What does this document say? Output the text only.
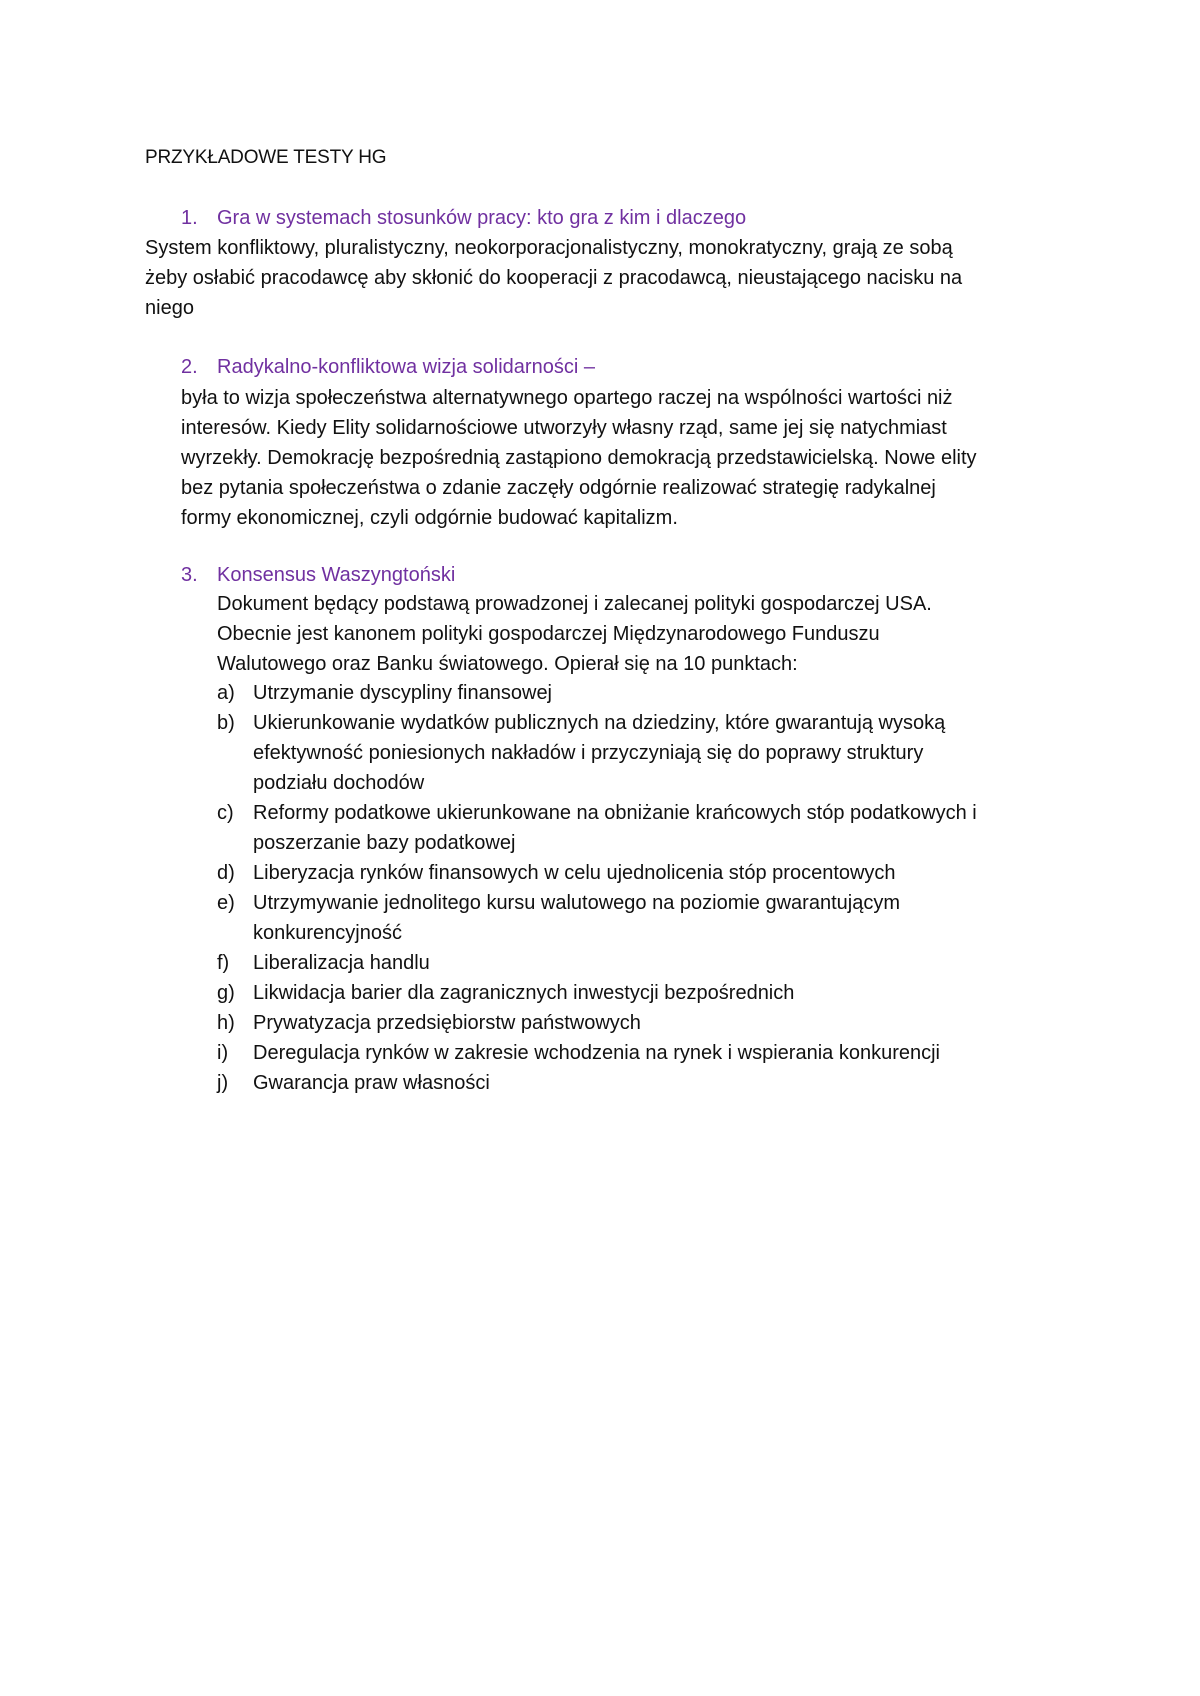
PRZYKŁADOWE TESTY HG
1. Gra w systemach stosunków pracy: kto gra z kim i dlaczego
System konfliktowy, pluralistyczny, neokorporacjonalistyczny, monokratyczny, grają ze sobą
żeby osłabić pracodawcę aby skłonić do kooperacji z pracodawcą, nieustającego nacisku na
niego
2. Radykalno-konfliktowa wizja solidarności –
była to wizja społeczeństwa alternatywnego opartego raczej na wspólności wartości niż
interesów. Kiedy Elity solidarnościowe utworzyły własny rząd, same jej się natychmiast
wyrzekły. Demokrację bezpośrednią zastąpiono demokracją przedstawicielską. Nowe elity
bez pytania społeczeństwa o zdanie zaczęły odgórnie realizować strategię radykalnej
formy ekonomicznej, czyli odgórnie budować kapitalizm.
3. Konsensus Waszyngtoński
Dokument będący podstawą prowadzonej i zalecanej polityki gospodarczej USA.
Obecnie jest kanonem polityki gospodarczej Międzynarodowego Funduszu
Walutowego oraz Banku światowego. Opierał się na 10 punktach:
a) Utrzymanie dyscypliny finansowej
b) Ukierunkowanie wydatków publicznych na dziedziny, które gwarantują wysoką
efektywność poniesionych nakładów i przyczyniają się do poprawy struktury
podziału dochodów
c) Reformy podatkowe ukierunkowane na obniżanie krańcowych stóp podatkowych i
poszerzanie bazy podatkowej
d) Liberyzacja rynków finansowych w celu ujednolicenia stóp procentowych
e) Utrzymywanie jednolitego kursu walutowego na poziomie gwarantującym
konkurencyjność
f) Liberalizacja handlu
g) Likwidacja barier dla zagranicznych inwestycji bezpośrednich
h) Prywatyzacja przedsiębiorstw państwowych
i) Deregulacja rynków w zakresie wchodzenia na rynek i wspierania konkurencji
j) Gwarancja praw własności
